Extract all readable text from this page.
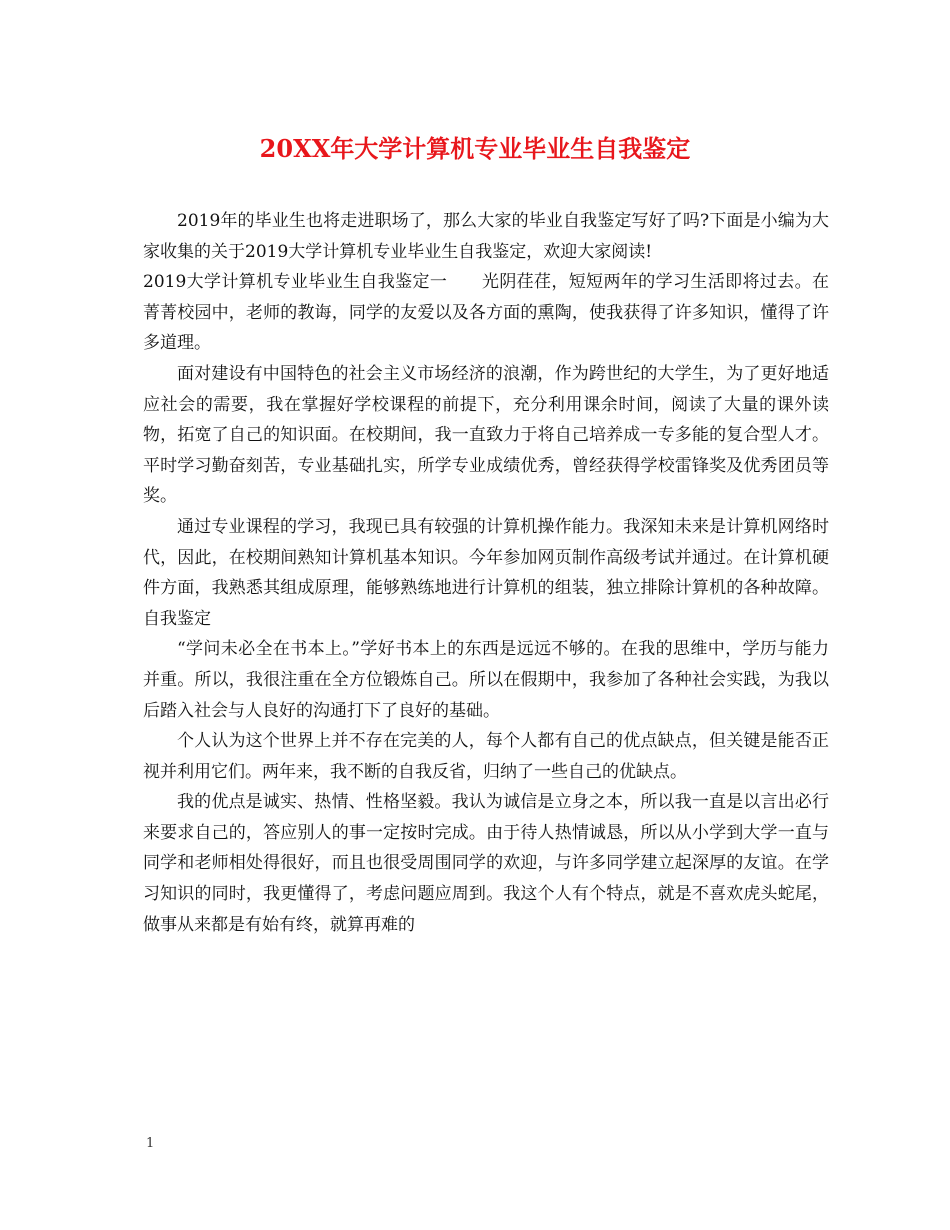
20XX年大学计算机专业毕业生自我鉴定

2019年的毕业生也将走进职场了，那么大家的毕业自我鉴定写好了吗?下面是小编为大家收集的关于2019大学计算机专业毕业生自我鉴定，欢迎大家阅读!

2019大学计算机专业毕业生自我鉴定一　　光阴荏荏，短短两年的学习生活即将过去。在菁菁校园中，老师的教诲，同学的友爱以及各方面的熏陶，使我获得了许多知识，懂得了许多道理。

面对建设有中国特色的社会主义市场经济的浪潮，作为跨世纪的大学生，为了更好地适应社会的需要，我在掌握好学校课程的前提下，充分利用课余时间，阅读了大量的课外读物，拓宽了自己的知识面。在校期间，我一直致力于将自己培养成一专多能的复合型人才。平时学习勤奋刻苦，专业基础扎实，所学专业成绩优秀，曾经获得学校雷锋奖及优秀团员等奖。

通过专业课程的学习，我现已具有较强的计算机操作能力。我深知未来是计算机网络时代，因此，在校期间熟知计算机基本知识。今年参加网页制作高级考试并通过。在计算机硬件方面，我熟悉其组成原理，能够熟练地进行计算机的组装，独立排除计算机的各种故障。自我鉴定

“学问未必全在书本上。”学好书本上的东西是远远不够的。在我的思维中，学历与能力并重。所以，我很注重在全方位锻炼自己。所以在假期中，我参加了各种社会实践，为我以后踏入社会与人良好的沟通打下了良好的基础。

个人认为这个世界上并不存在完美的人，每个人都有自己的优点缺点，但关键是能否正视并利用它们。两年来，我不断的自我反省，归纳了一些自己的优缺点。

我的优点是诚实、热情、性格坚毅。我认为诚信是立身之本，所以我一直是以言出必行来要求自己的，答应别人的事一定按时完成。由于待人热情诚恳，所以从小学到大学一直与同学和老师相处得很好，而且也很受周围同学的欢迎，与许多同学建立起深厚的友谊。在学习知识的同时，我更懂得了，考虑问题应周到。我这个人有个特点，就是不喜欢虎头蛇尾，做事从来都是有始有终，就算再难的

1
